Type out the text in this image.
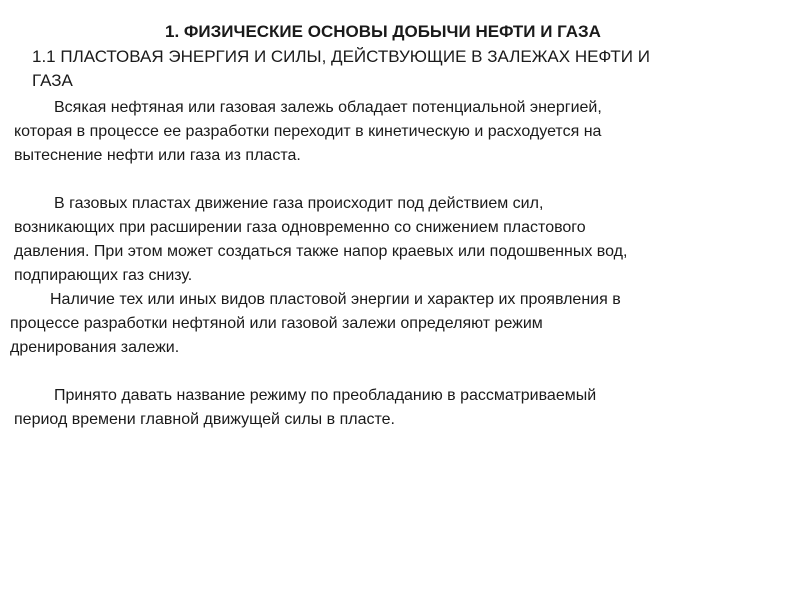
1. ФИЗИЧЕСКИЕ ОСНОВЫ ДОБЫЧИ НЕФТИ И ГАЗА
1.1 ПЛАСТОВАЯ ЭНЕРГИЯ И СИЛЫ, ДЕЙСТВУЮЩИЕ В ЗАЛЕЖАХ НЕФТИ И
ГАЗА

Всякая нефтяная или газовая залежь обладает потенциальной энергией,
которая в процессе ее разработки переходит в кинетическую и расходуется на
вытеснение нефти или газа из пласта.

В газовых пластах движение газа происходит под действием сил,
возникающих при расширении газа одновременно со снижением пластового
давления. При этом может создаться также напор краевых или подошвенных вод,
подпирающих газ снизу.

Наличие тех или иных видов пластовой энергии и характер их проявления в
процессе разработки нефтяной или газовой залежи определяют режим
дренирования залежи.

Принято давать название режиму по преобладанию в рассматриваемый
период времени главной движущей силы в пласте.
